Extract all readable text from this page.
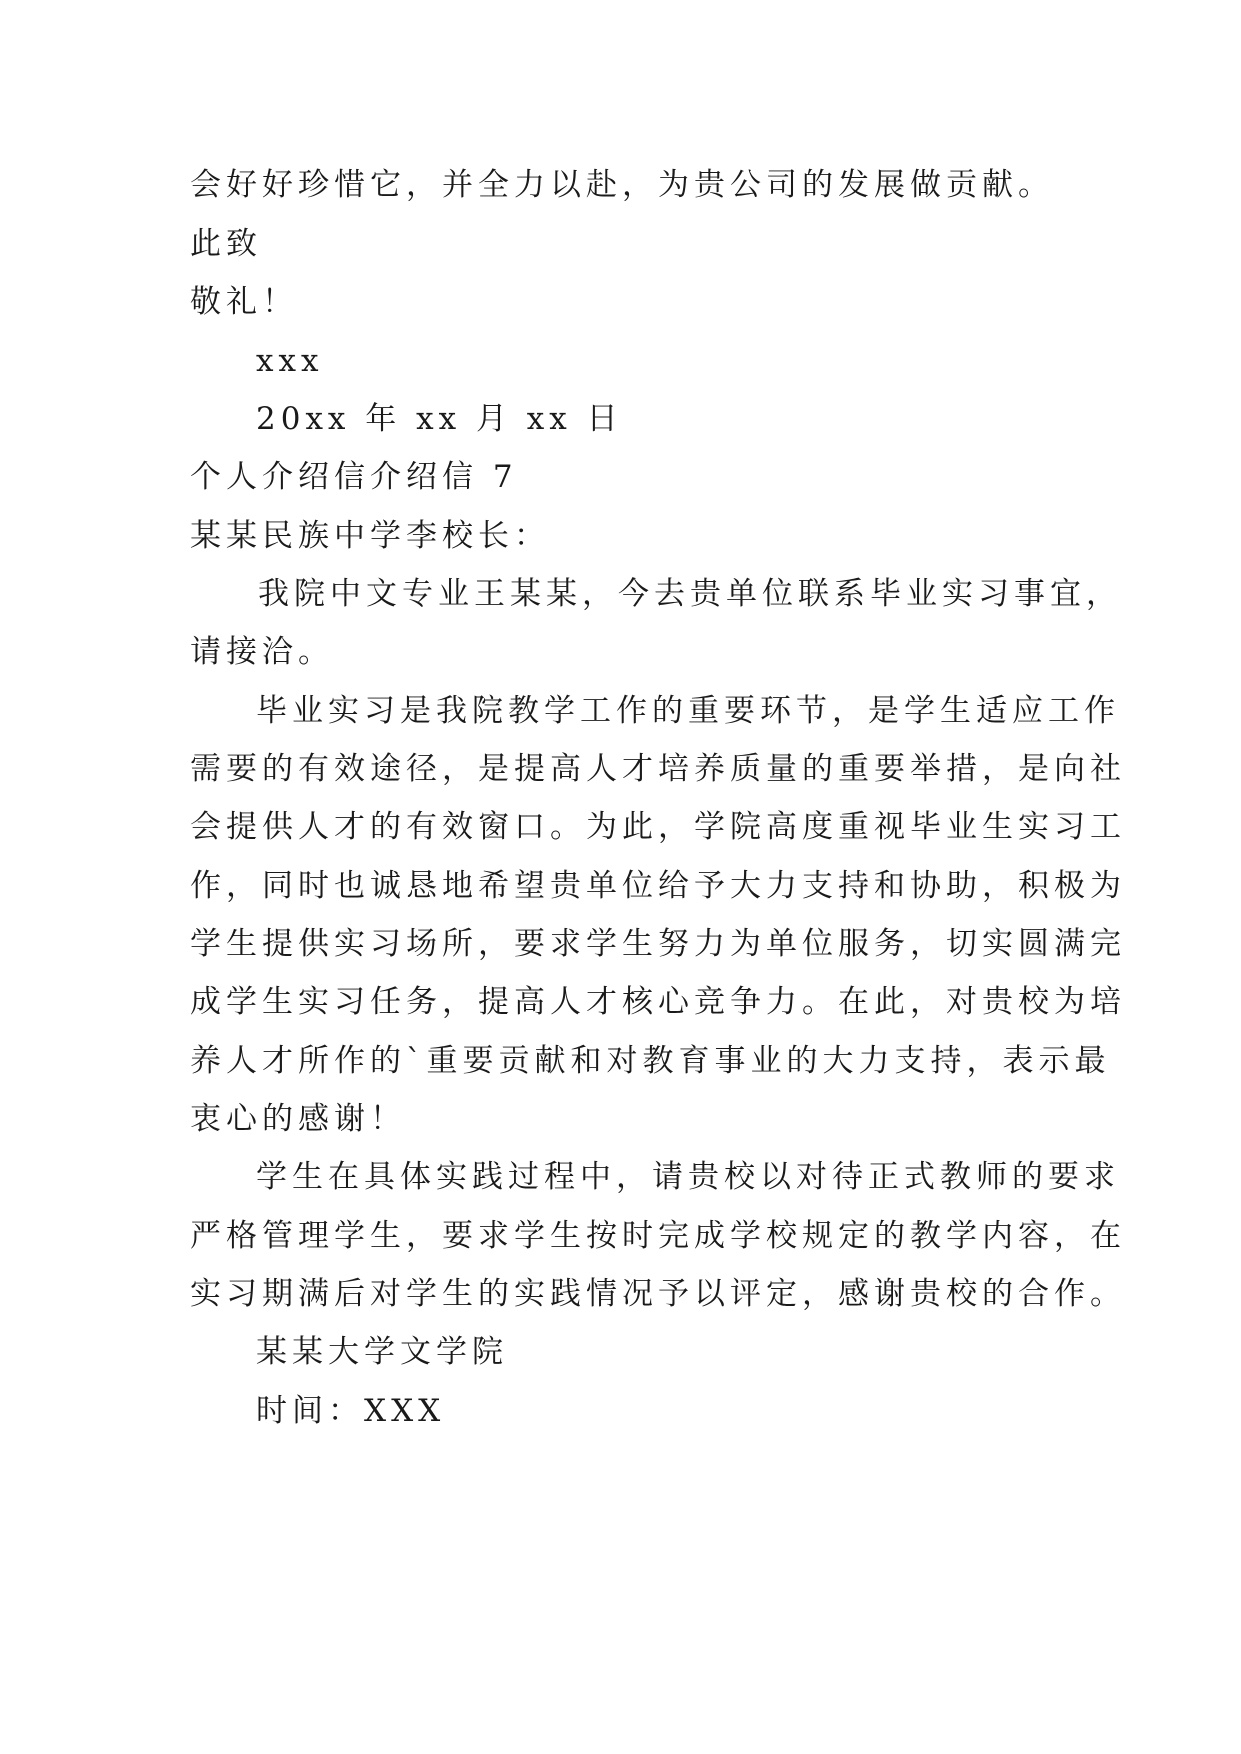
会好好珍惜它，并全力以赴，为贵公司的发展做贡献。
此致
敬礼！
xxx
20xx 年 xx 月 xx 日
个人介绍信介绍信 7
某某民族中学李校长：
我院中文专业王某某，今去贵单位联系毕业实习事宜，
请接洽。
毕业实习是我院教学工作的重要环节，是学生适应工作
需要的有效途径，是提高人才培养质量的重要举措，是向社
会提供人才的有效窗口。为此，学院高度重视毕业生实习工
作，同时也诚恳地希望贵单位给予大力支持和协助，积极为
学生提供实习场所，要求学生努力为单位服务，切实圆满完
成学生实习任务，提高人才核心竞争力。在此，对贵校为培
养人才所作的`重要贡献和对教育事业的大力支持，表示最
衷心的感谢！
学生在具体实践过程中，请贵校以对待正式教师的要求
严格管理学生，要求学生按时完成学校规定的教学内容，在
实习期满后对学生的实践情况予以评定，感谢贵校的合作。
某某大学文学院
时间：XXX
